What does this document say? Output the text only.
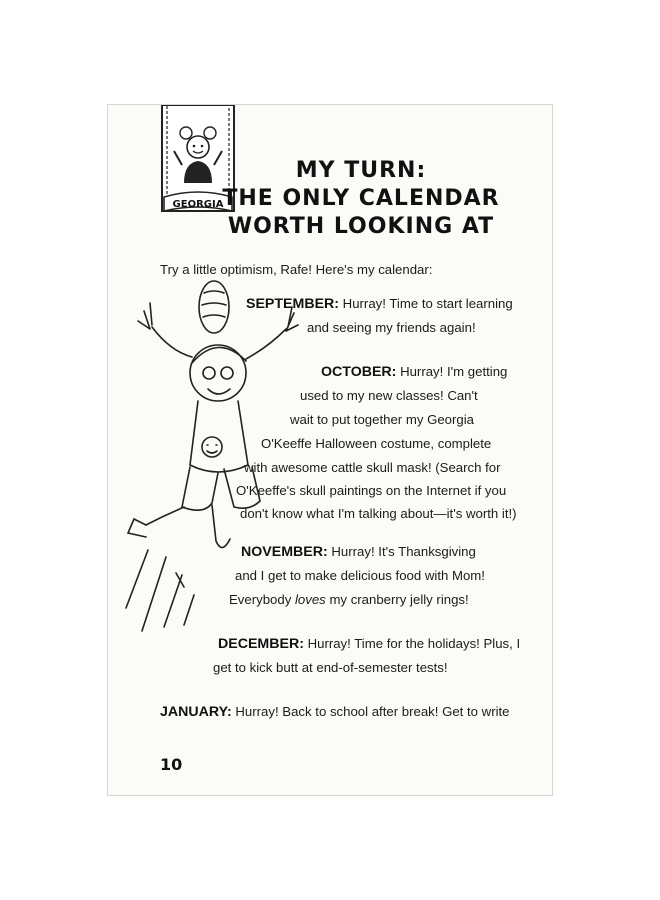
GEORGIA
MY TURN:
THE ONLY CALENDAR
WORTH LOOKING AT
Try a little optimism, Rafe! Here's my calendar:
SEPTEMBER: Hurray! Time to start learning
and seeing my friends again!
OCTOBER: Hurray! I'm getting
used to my new classes! Can't
wait to put together my Georgia
O'Keeffe Halloween costume, complete
with awesome cattle skull mask! (Search for
O'Keeffe's skull paintings on the Internet if you
don't know what I'm talking about—it's worth it!)
NOVEMBER: Hurray! It's Thanksgiving
and I get to make delicious food with Mom!
Everybody loves my cranberry jelly rings!
DECEMBER: Hurray! Time for the holidays! Plus, I
get to kick butt at end-of-semester tests!
JANUARY: Hurray! Back to school after break! Get to write
10
